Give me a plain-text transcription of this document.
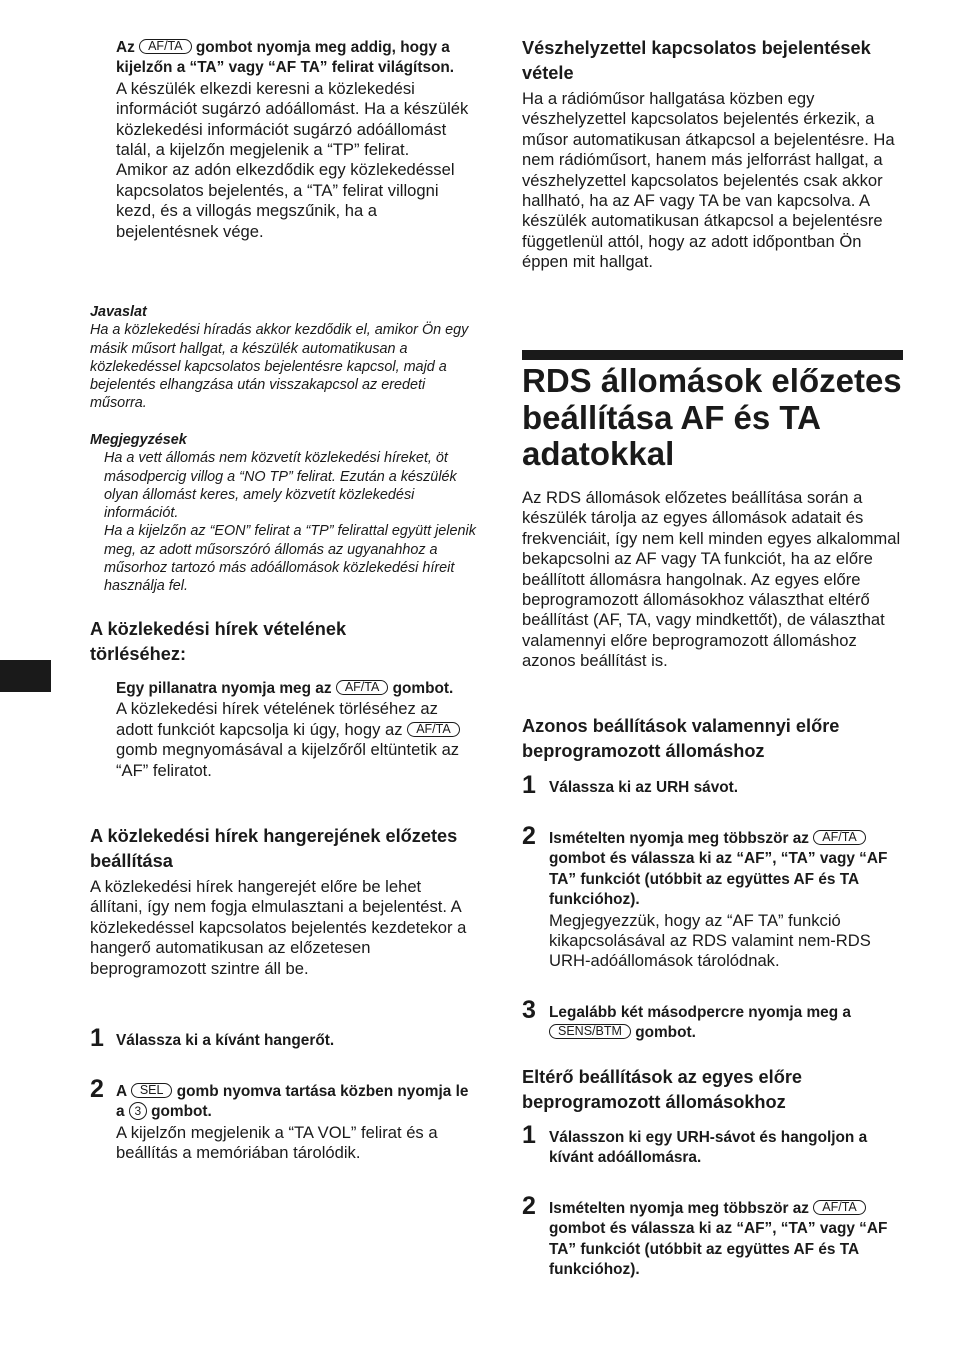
Az AF/TA gombot nyomja meg addig, hogy a kijelzőn a “TA” vagy “AF TA” felirat világítson.

A készülék elkezdi keresni a közlekedési információt sugárzó adóállomást. Ha a készülék közlekedési információt sugárzó adóállomást talál, a kijelzőn megjelenik a “TP” felirat.

Amikor az adón elkezdődik egy közlekedéssel kapcsolatos bejelentés, a “TA” felirat villogni kezd, és a villogás megszűnik, ha a bejelentésnek vége.

Javaslat

Ha a közlekedési híradás akkor kezdődik el, amikor Ön egy másik műsort hallgat, a készülék automatikusan a közlekedéssel kapcsolatos bejelentésre kapcsol, majd a bejelentés elhangzása után visszakapcsol az eredeti műsorra.

Megjegyzések

Ha a vett állomás nem közvetít közlekedési híreket, öt másodpercig villog a “NO TP” felirat. Ezután a készülék olyan állomást keres, amely közvetít közlekedési információt.

Ha a kijelzőn az “EON” felirat a “TP” felirattal együtt jelenik meg, az adott műsorszóró állomás az ugyanahhoz a műsorhoz tartozó más adóállomások közlekedési híreit használja fel.

A közlekedési hírek vételének törléséhez:

Egy pillanatra nyomja meg az AF/TA gombot.

A közlekedési hírek vételének törléséhez az adott funkciót kapcsolja ki úgy, hogy az AF/TA gomb megnyomásával a kijelzőről eltüntetik az “AF” feliratot.

A közlekedési hírek hangerejének előzetes beállítása

A közlekedési hírek hangerejét előre be lehet állítani, így nem fogja elmulasztani a bejelentést. A közlekedéssel kapcsolatos bejelentés kezdetekor a hangerő automatikusan az előzetesen beprogramozott szintre áll be.

1 Válassza ki a kívánt hangerőt.

2 A SEL gomb nyomva tartása közben nyomja le a 3 gombot.

A kijelzőn megjelenik a “TA VOL” felirat és a beállítás a memóriában tárolódik.

Vészhelyzettel kapcsolatos bejelentések vétele

Ha a rádióműsor hallgatása közben egy vészhelyzettel kapcsolatos bejelentés érkezik, a műsor automatikusan átkapcsol a bejelentésre. Ha nem rádióműsort, hanem más jelforrást hallgat, a vészhelyzettel kapcsolatos bejelentés csak akkor hallható, ha az AF vagy TA be van kapcsolva. A készülék automatikusan átkapcsol a bejelentésre függetlenül attól, hogy az adott időpontban Ön éppen mit hallgat.

RDS állomások előzetes beállítása AF és TA adatokkal

Az RDS állomások előzetes beállítása során a készülék tárolja az egyes állomások adatait és frekvenciáit, így nem kell minden egyes alkalommal bekapcsolni az AF vagy TA funkciót, ha az előre beállított állomásra hangolnak. Az egyes előre beprogramozott állomásokhoz választhat eltérő beállítást (AF, TA, vagy mindkettőt), de választhat valamennyi előre beprogramozott állomáshoz azonos beállítást is.

Azonos beállítások valamennyi előre beprogramozott állomáshoz

1 Válassza ki az URH sávot.

2 Ismételten nyomja meg többször az AF/TA gombot és válassza ki az “AF”, “TA” vagy “AF TA” funkciót (utóbbit az együttes AF és TA funkcióhoz).

Megjegyezzük, hogy az “AF TA” funkció kikapcsolásával az RDS valamint nem-RDS URH-adóállomások tárolódnak.

3 Legalább két másodpercre nyomja meg a SENS/BTM gombot.

Eltérő beállítások az egyes előre beprogramozott állomásokhoz

1 Válasszon ki egy URH-sávot és hangoljon a kívánt adóállomásra.

2 Ismételten nyomja meg többször az AF/TA gombot és válassza ki az “AF”, “TA” vagy “AF TA” funkciót (utóbbit az együttes AF és TA funkcióhoz).
